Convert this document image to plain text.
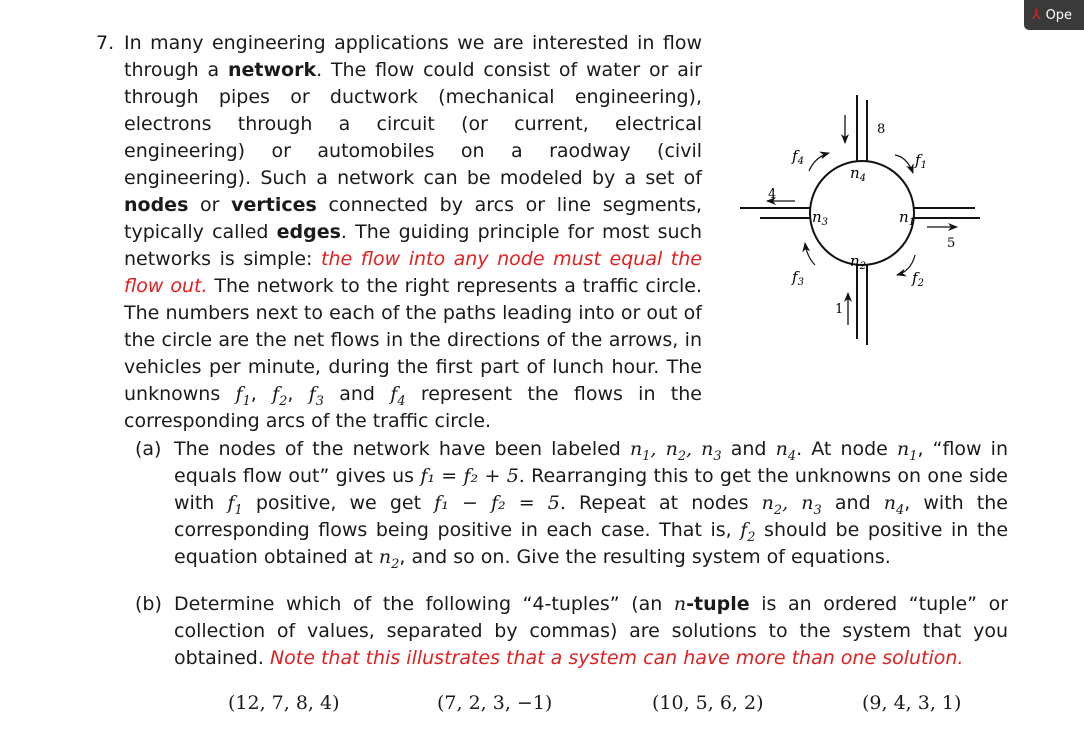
⅄ Ope
7. In many engineering applications we are interested in flow through a network. The flow could consist of water or air through pipes or ductwork (mechanical engineering), electrons through a circuit (or current, electrical engineering) or automobiles on a raodway (civil engineering). Such a network can be modeled by a set of nodes or vertices connected by arcs or line segments, typically called edges. The guiding principle for most such networks is simple: the flow into any node must equal the flow out. The network to the right represents a traffic circle. The numbers next to each of the paths leading into or out of the circle are the net flows in the directions of the arrows, in vehicles per minute, during the first part of lunch hour. The unknowns $f_1$, $f_2$, $f_3$ and $f_4$ represent the flows in the corresponding arcs of the traffic circle.
8
4
5
1
$n_4$
$n_1$
$n_3$
$n_2$
$f_1$
$f_2$
$f_3$
$f_4$
(a) The nodes of the network have been labeled $n_1$, $n_2$, $n_3$ and $n_4$. At node $n_1$, “flow in equals flow out” gives us f₁ = f₂ + 5. Rearranging this to get the unknowns on one side with $f_1$ positive, we get f₁ − f₂ = 5. Repeat at nodes $n_2$, $n_3$ and $n_4$, with the corresponding flows being positive in each case. That is, $f_2$ should be positive in the equation obtained at $n_2$, and so on. Give the resulting system of equations.
(b) Determine which of the following “4-tuples” (an n-tuple is an ordered “tuple” or collection of values, separated by commas) are solutions to the system that you obtained. Note that this illustrates that a system can have more than one solution.
(12, 7, 8, 4)	(7, 2, 3, −1)	(10, 5, 6, 2)	(9, 4, 3, 1)
